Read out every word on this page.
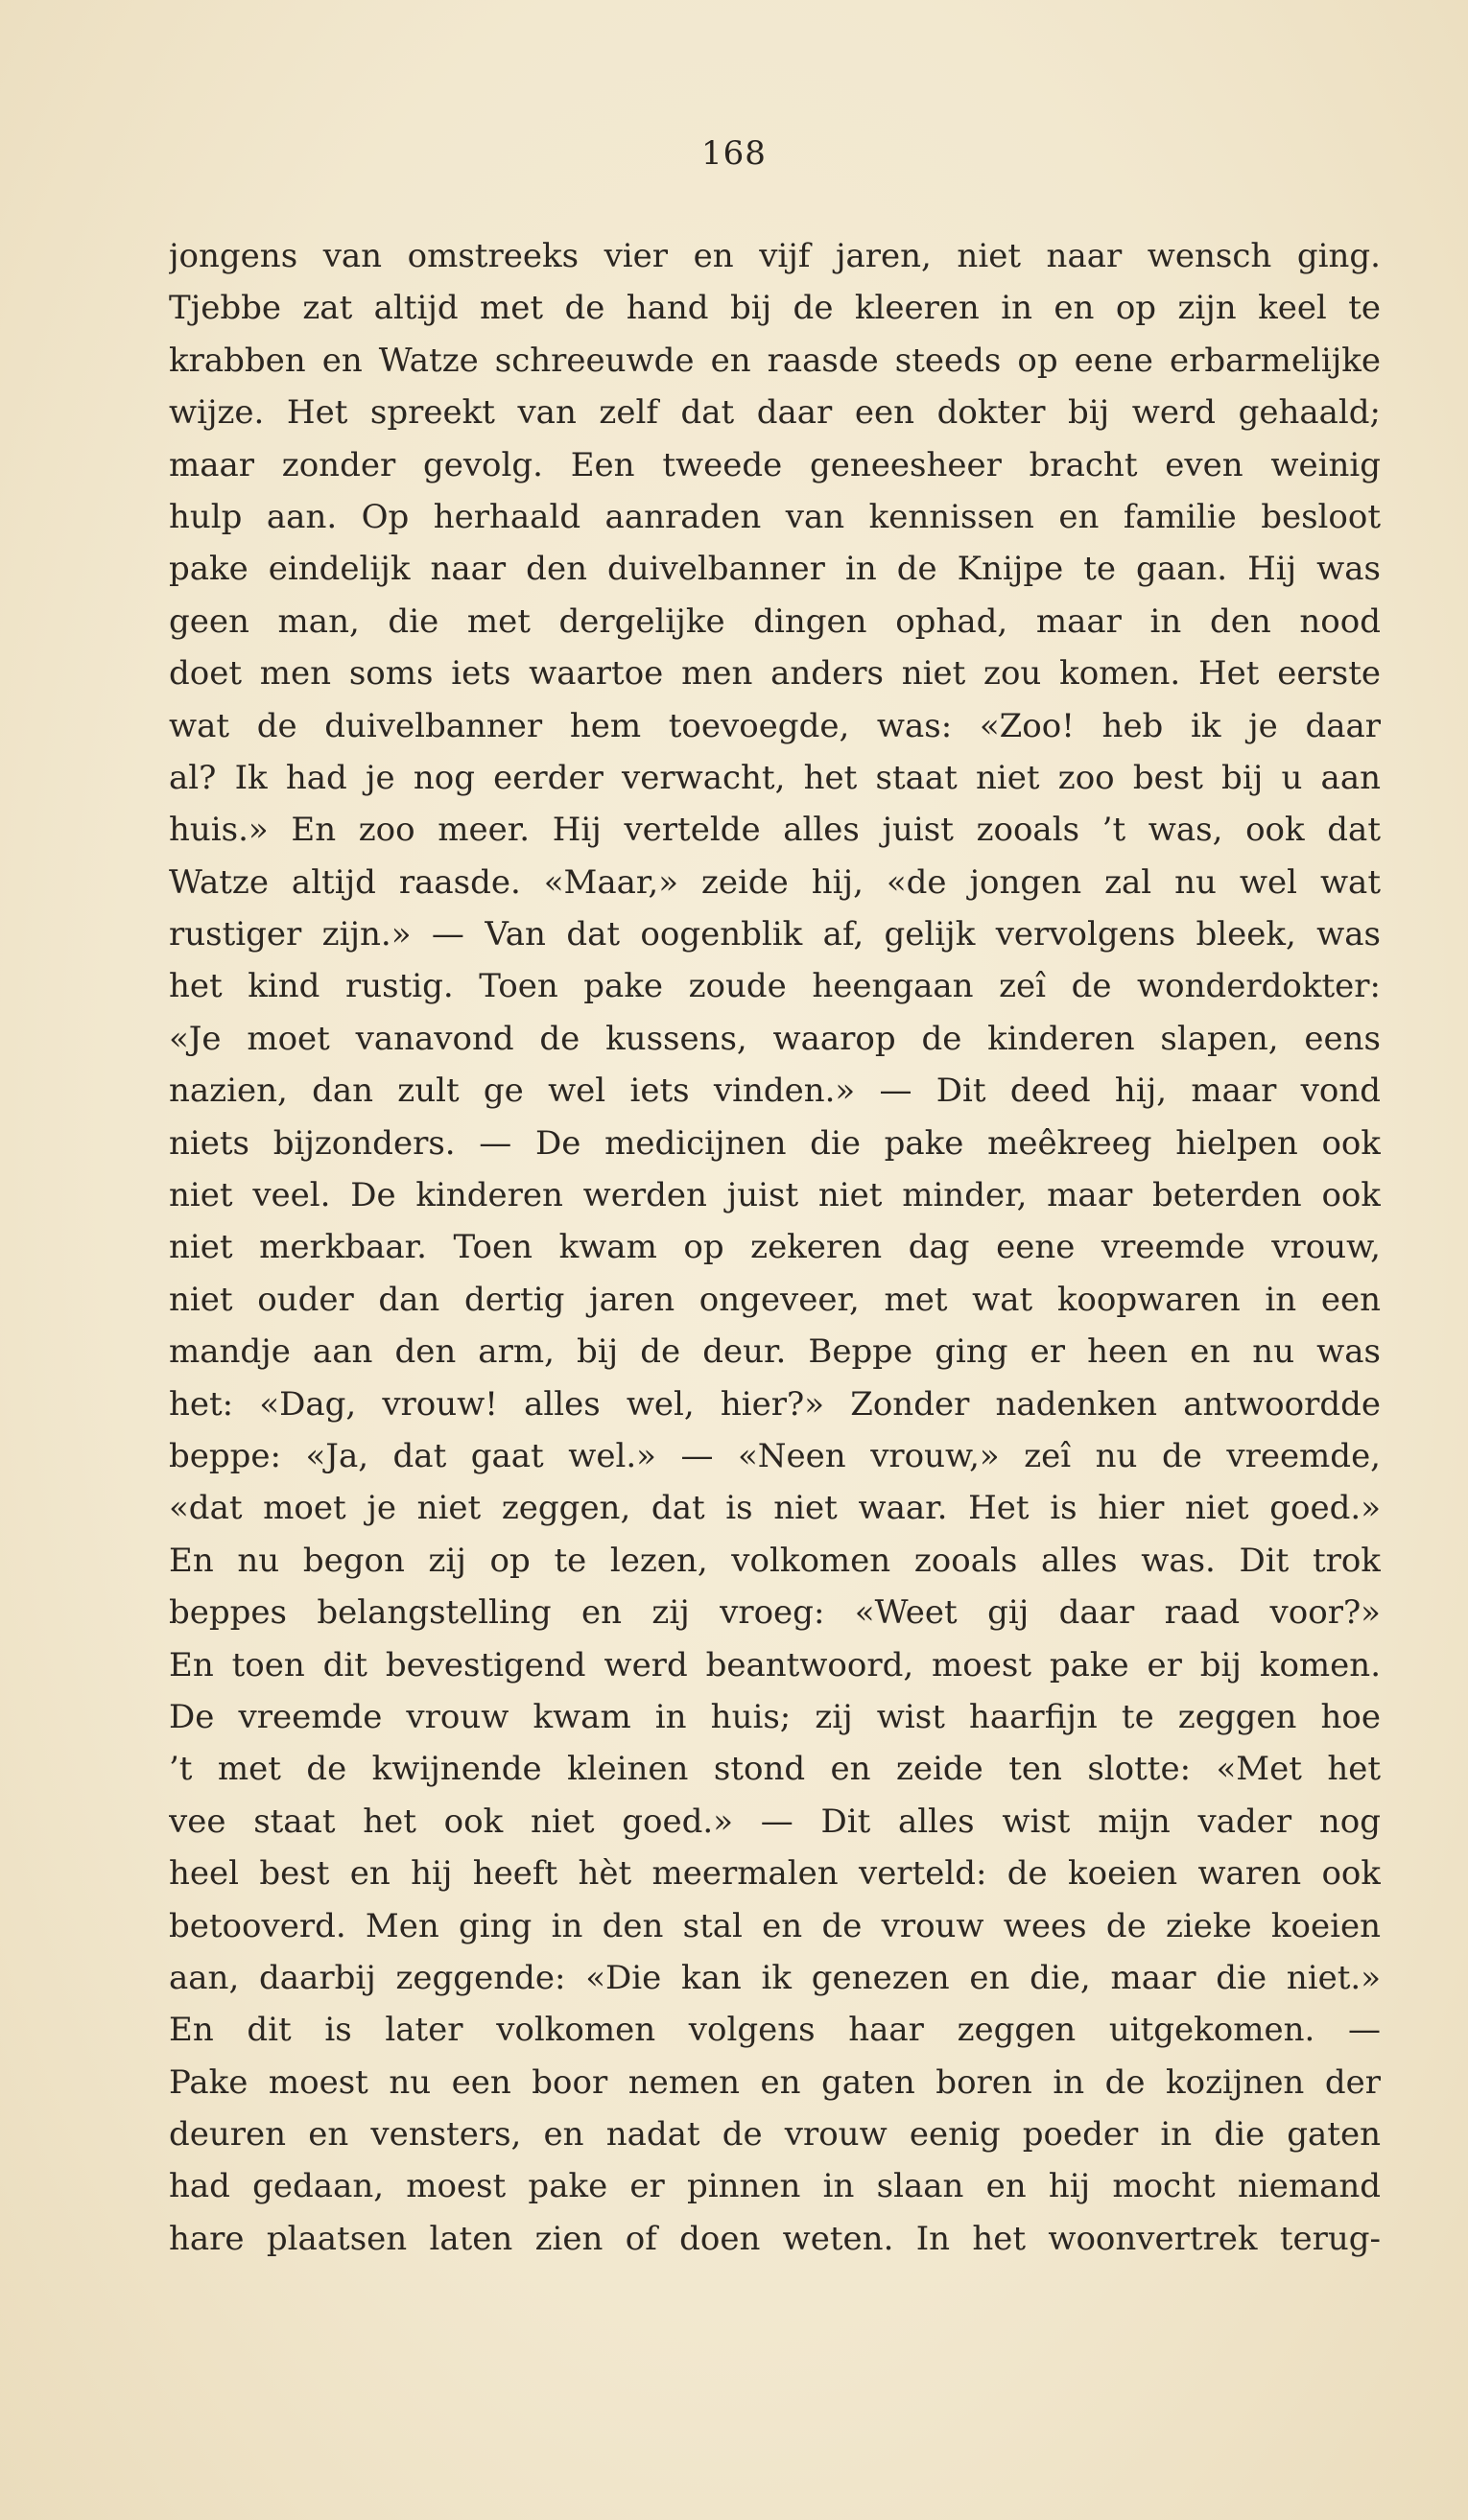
168
jongens van omstreeks vier en vijf jaren, niet naar wensch ging.
Tjebbe zat altijd met de hand bij de kleeren in en op zijn keel te
krabben en Watze schreeuwde en raasde steeds op eene erbarmelijke
wijze. Het spreekt van zelf dat daar een dokter bij werd gehaald;
maar zonder gevolg. Een tweede geneesheer bracht even weinig
hulp aan. Op herhaald aanraden van kennissen en familie besloot
pake eindelijk naar den duivelbanner in de Knijpe te gaan. Hij was
geen man, die met dergelijke dingen ophad, maar in den nood
doet men soms iets waartoe men anders niet zou komen. Het eerste
wat de duivelbanner hem toevoegde, was: «Zoo! heb ik je daar
al? Ik had je nog eerder verwacht, het staat niet zoo best bij u aan
huis.» En zoo meer. Hij vertelde alles juist zooals ’t was, ook dat
Watze altijd raasde. «Maar,» zeide hij, «de jongen zal nu wel wat
rustiger zijn.» — Van dat oogenblik af, gelijk vervolgens bleek, was
het kind rustig. Toen pake zoude heengaan zeî de wonderdokter:
«Je moet vanavond de kussens, waarop de kinderen slapen, eens
nazien, dan zult ge wel iets vinden.» — Dit deed hij, maar vond
niets bijzonders. — De medicijnen die pake meêkreeg hielpen ook
niet veel. De kinderen werden juist niet minder, maar beterden ook
niet merkbaar. Toen kwam op zekeren dag eene vreemde vrouw,
niet ouder dan dertig jaren ongeveer, met wat koopwaren in een
mandje aan den arm, bij de deur. Beppe ging er heen en nu was
het: «Dag, vrouw! alles wel, hier?» Zonder nadenken antwoordde
beppe: «Ja, dat gaat wel.» — «Neen vrouw,» zeî nu de vreemde,
«dat moet je niet zeggen, dat is niet waar. Het is hier niet goed.»
En nu begon zij op te lezen, volkomen zooals alles was. Dit trok
beppes belangstelling en zij vroeg: «Weet gij daar raad voor?»
En toen dit bevestigend werd beantwoord, moest pake er bij komen.
De vreemde vrouw kwam in huis; zij wist haarfijn te zeggen hoe
’t met de kwijnende kleinen stond en zeide ten slotte: «Met het
vee staat het ook niet goed.» — Dit alles wist mijn vader nog
heel best en hij heeft hèt meermalen verteld: de koeien waren ook
betooverd. Men ging in den stal en de vrouw wees de zieke koeien
aan, daarbij zeggende: «Die kan ik genezen en die, maar die niet.»
En dit is later volkomen volgens haar zeggen uitgekomen. —
Pake moest nu een boor nemen en gaten boren in de kozijnen der
deuren en vensters, en nadat de vrouw eenig poeder in die gaten
had gedaan, moest pake er pinnen in slaan en hij mocht niemand
hare plaatsen laten zien of doen weten. In het woonvertrek terug-
